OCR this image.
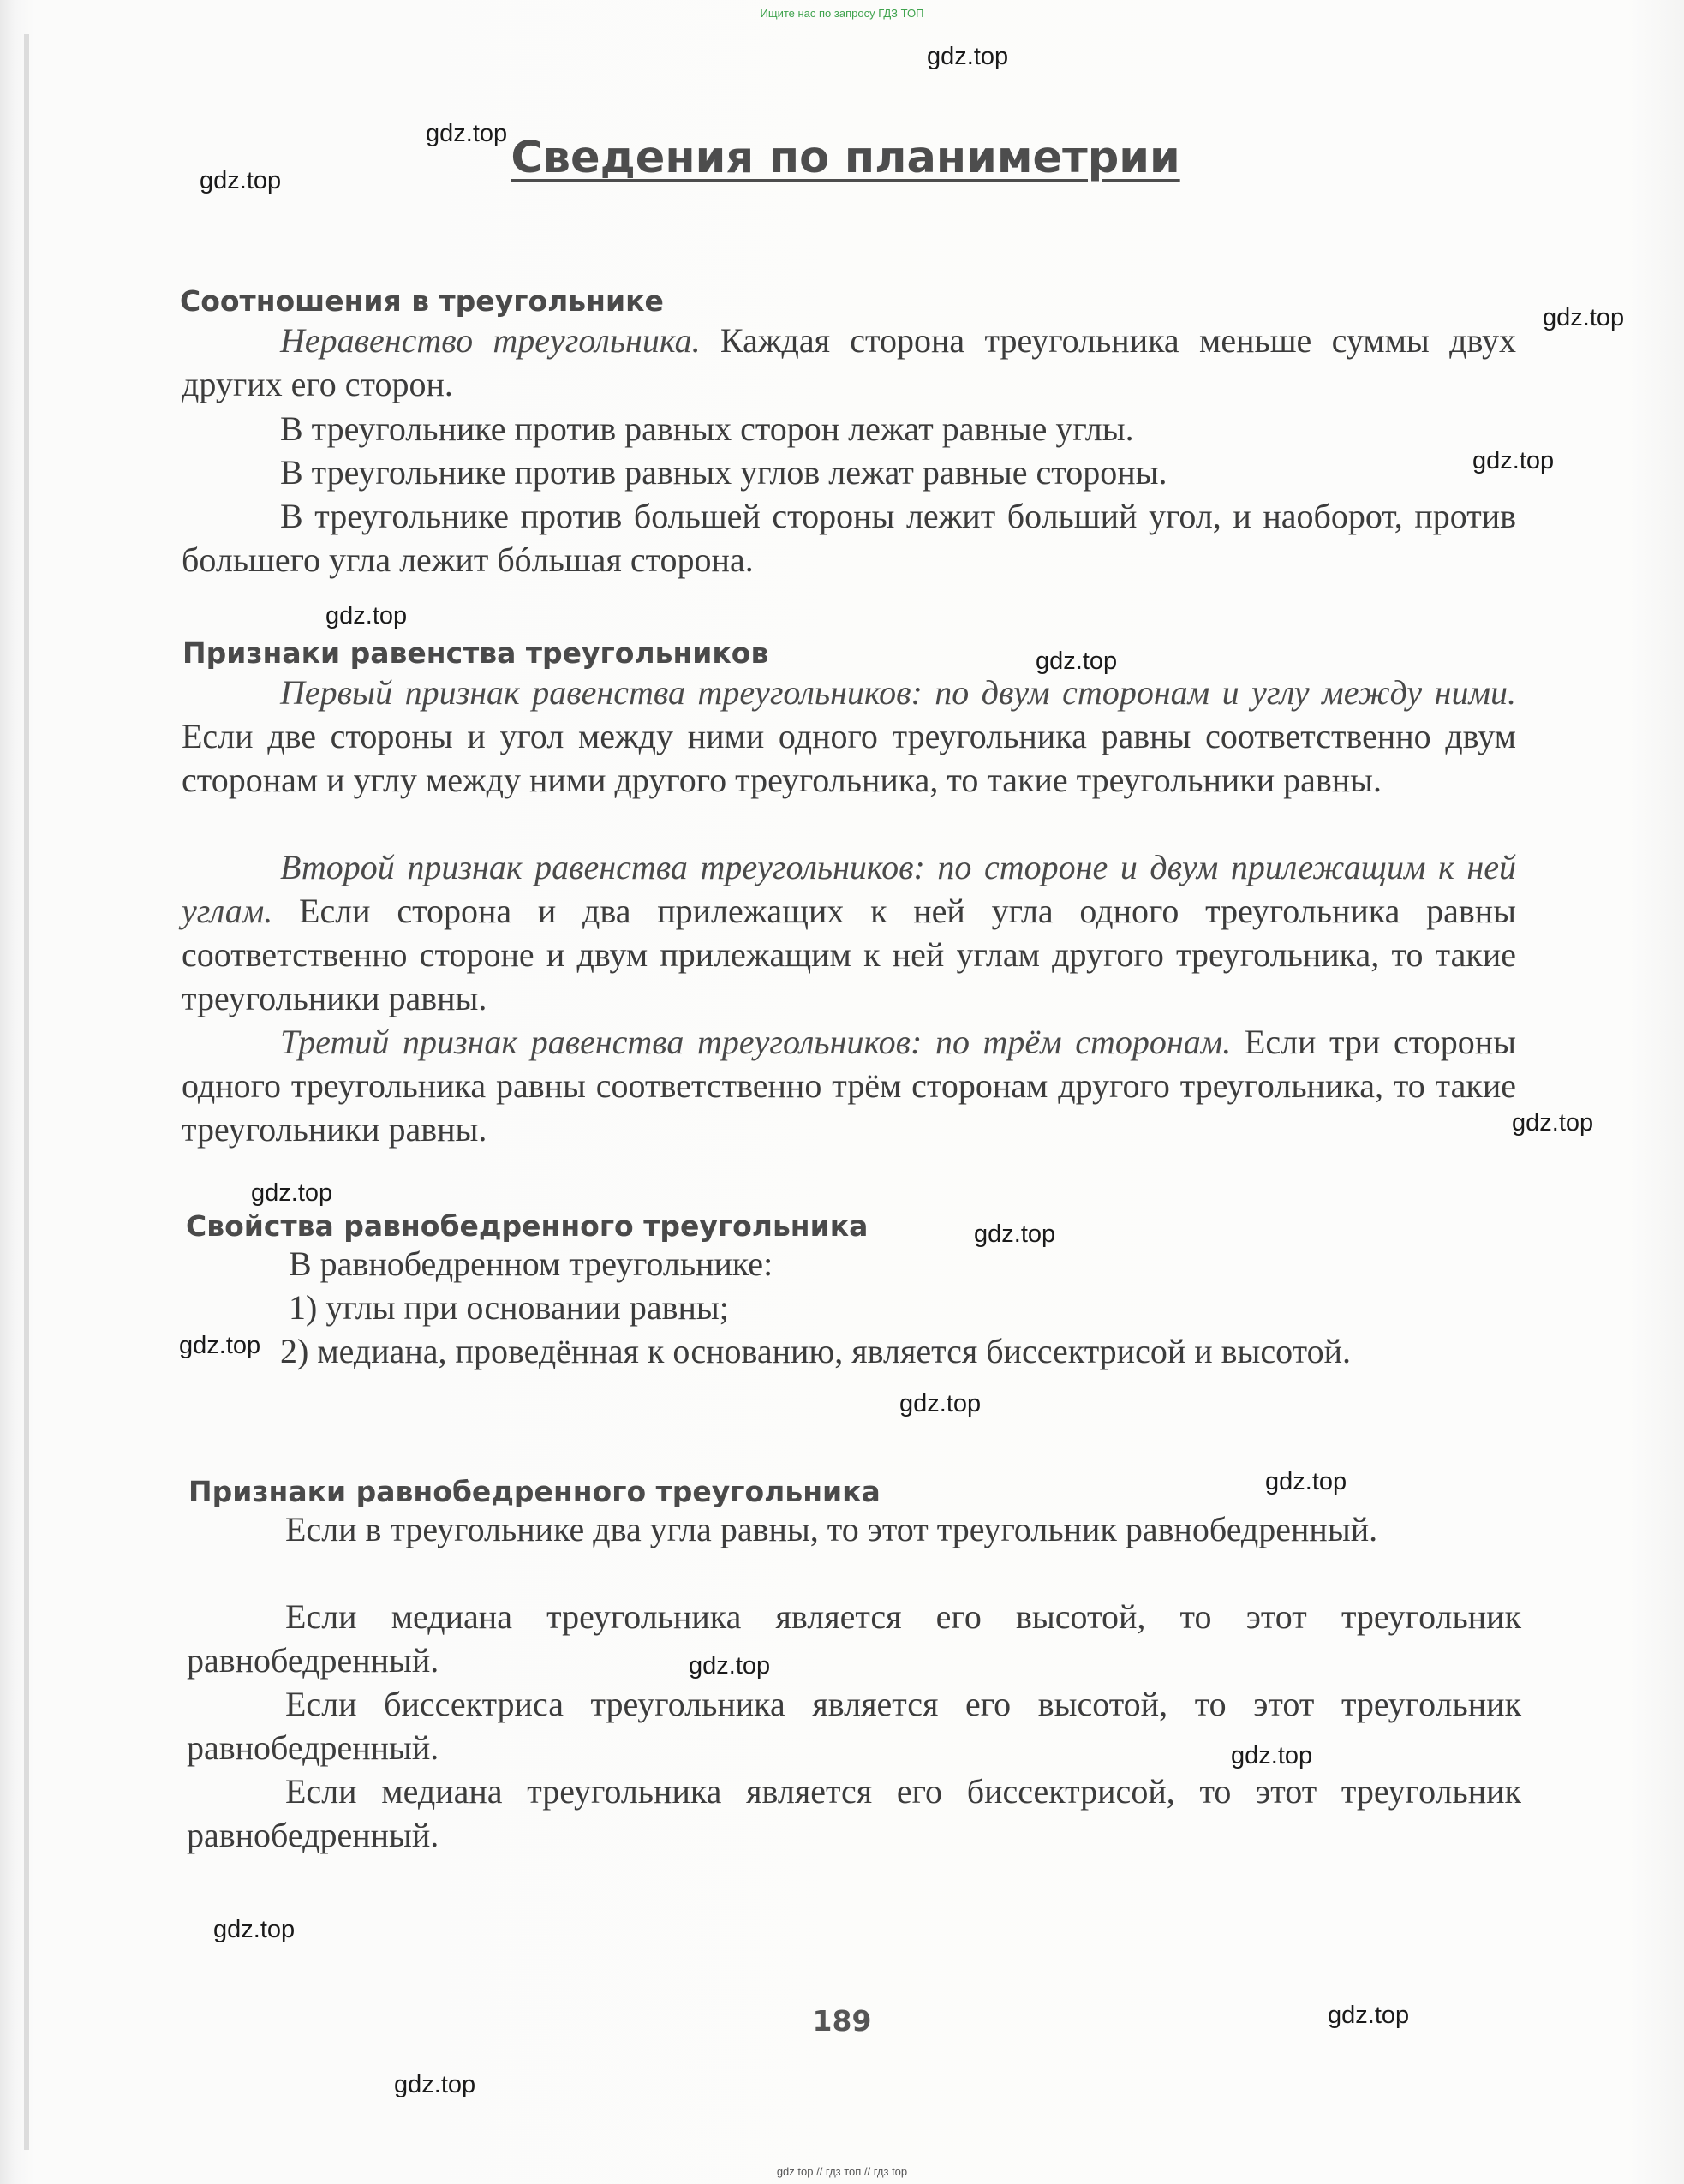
Ищите нас по запросу ГДЗ ТОП
gdz.top
gdz.top
gdz.top
gdz.top
gdz.top
gdz.top
gdz.top
gdz.top
gdz.top
gdz.top
gdz.top
gdz.top
gdz.top
gdz.top
gdz.top
gdz.top
gdz.top
gdz.top
Сведения по планиметрии
Соотношения в треугольнике
Неравенство треугольника. Каждая сторона треугольника меньше суммы двух других его сторон.
В треугольнике против равных сторон лежат равные углы.
В треугольнике против равных углов лежат равные стороны.
В треугольнике против большей стороны лежит больший угол, и наоборот, против большего угла лежит бóльшая сторона.
Признаки равенства треугольников
Первый признак равенства треугольников: по двум сторонам и углу между ними. Если две стороны и угол между ними одного треугольника равны соответственно двум сторонам и углу между ними другого треугольника, то такие треугольники равны.
Второй признак равенства треугольников: по стороне и двум прилежащим к ней углам. Если сторона и два прилежащих к ней угла одного треугольника равны соответственно стороне и двум прилежащим к ней углам другого треугольника, то такие треугольники равны.
Третий признак равенства треугольников: по трём сторонам. Если три стороны одного треугольника равны соответственно трём сторонам другого треугольника, то такие треугольники равны.
Свойства равнобедренного треугольника
В равнобедренном треугольнике:
1) углы при основании равны;
2) медиана, проведённая к основанию, является биссектрисой и высотой.
Признаки равнобедренного треугольника
Если в треугольнике два угла равны, то этот треугольник равнобедренный.
Если медиана треугольника является его высотой, то этот треугольник равнобедренный.
Если биссектриса треугольника является его высотой, то этот треугольник равнобедренный.
Если медиана треугольника является его биссектрисой, то этот треугольник равнобедренный.
189
gdz top // гдз топ // гдз top
